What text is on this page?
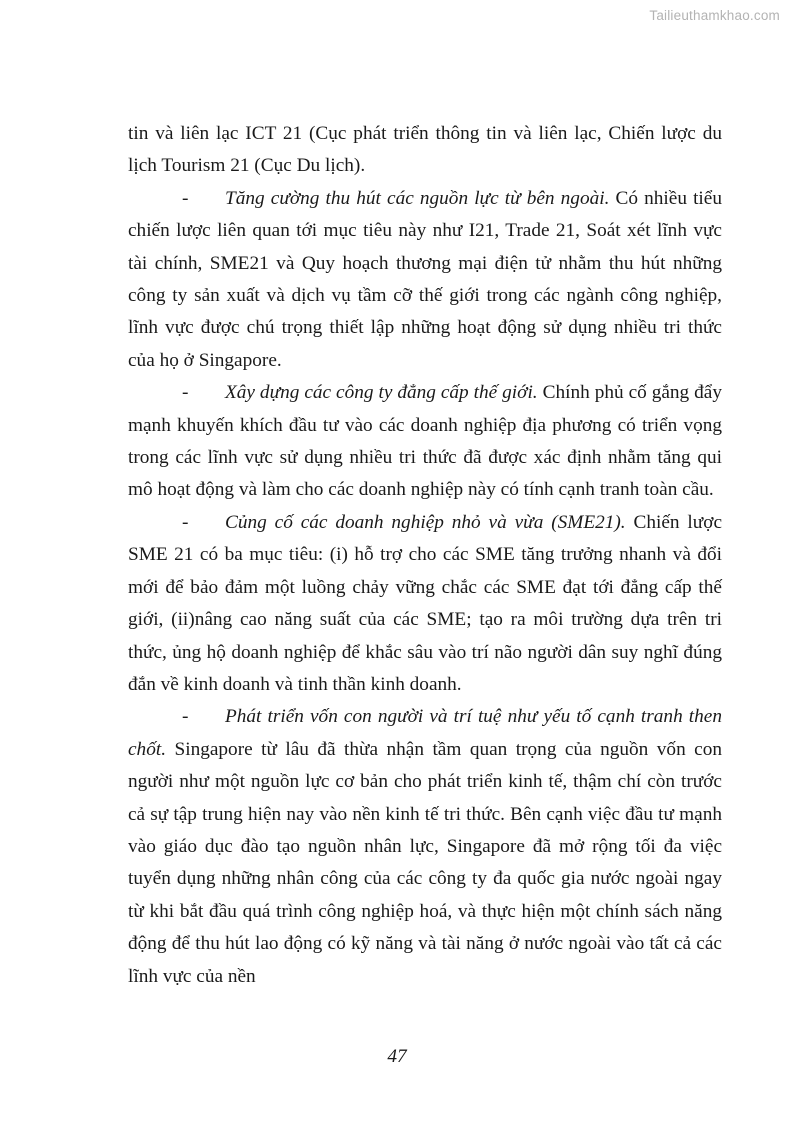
Tailieuthamkhao.com

tin và liên lạc ICT 21 (Cục phát triển thông tin và liên lạc, Chiến lược du lịch Tourism 21 (Cục Du lịch).

- Tăng cường thu hút các nguồn lực từ bên ngoài. Có nhiều tiểu chiến lược liên quan tới mục tiêu này như I21, Trade 21, Soát xét lĩnh vực tài chính, SME21 và Quy hoạch thương mại điện tử nhằm thu hút những công ty sản xuất và dịch vụ tầm cỡ thế giới trong các ngành công nghiệp, lĩnh vực được chú trọng thiết lập những hoạt động sử dụng nhiều tri thức của họ ở Singapore.

- Xây dựng các công ty đẳng cấp thế giới. Chính phủ cố gắng đẩy mạnh khuyến khích đầu tư vào các doanh nghiệp địa phương có triển vọng trong các lĩnh vực sử dụng nhiều tri thức đã được xác định nhằm tăng qui mô hoạt động và làm cho các doanh nghiệp này có tính cạnh tranh toàn cầu.

- Củng cố các doanh nghiệp nhỏ và vừa (SME21). Chiến lược SME 21 có ba mục tiêu: (i) hỗ trợ cho các SME tăng trưởng nhanh và đổi mới để bảo đảm một luồng chảy vững chắc các SME đạt tới đẳng cấp thế giới, (ii)nâng cao năng suất của các SME; tạo ra môi trường dựa trên tri thức, ủng hộ doanh nghiệp để khắc sâu vào trí não người dân suy nghĩ đúng đắn về kinh doanh và tinh thần kinh doanh.

- Phát triển vốn con người và trí tuệ như yếu tố cạnh tranh then chốt. Singapore từ lâu đã thừa nhận tầm quan trọng của nguồn vốn con người như một nguồn lực cơ bản cho phát triển kinh tế, thậm chí còn trước cả sự tập trung hiện nay vào nền kinh tế tri thức. Bên cạnh việc đầu tư mạnh vào giáo dục đào tạo nguồn nhân lực, Singapore đã mở rộng tối đa việc tuyển dụng những nhân công của các công ty đa quốc gia nước ngoài ngay từ khi bắt đầu quá trình công nghiệp hoá, và thực hiện một chính sách năng động để thu hút lao động có kỹ năng và tài năng ở nước ngoài vào tất cả các lĩnh vực của nền

47
